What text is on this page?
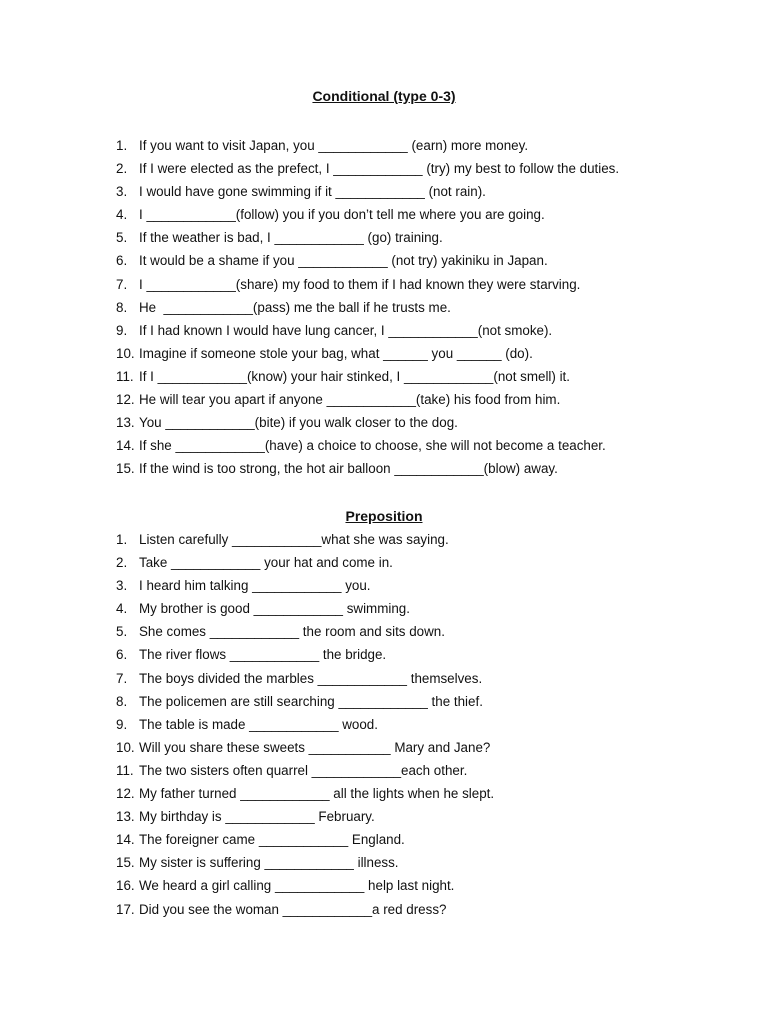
Conditional (type 0-3)
1. If you want to visit Japan, you ____________ (earn) more money.
2. If I were elected as the prefect, I ____________ (try) my best to follow the duties.
3. I would have gone swimming if it ____________ (not rain).
4. I ____________(follow) you if you don’t tell me where you are going.
5. If the weather is bad, I ____________ (go) training.
6. It would be a shame if you ____________ (not try) yakiniku in Japan.
7. I ____________(share) my food to them if I had known they were starving.
8. He  ____________(pass) me the ball if he trusts me.
9. If I had known I would have lung cancer, I ____________(not smoke).
10. Imagine if someone stole your bag, what ______ you ______ (do).
11. If I ____________(know) your hair stinked, I ____________(not smell) it.
12. He will tear you apart if anyone ____________(take) his food from him.
13. You ____________(bite) if you walk closer to the dog.
14. If she ____________(have) a choice to choose, she will not become a teacher.
15. If the wind is too strong, the hot air balloon ____________(blow) away.
Preposition
1. Listen carefully ____________what she was saying.
2. Take ____________ your hat and come in.
3. I heard him talking ____________ you.
4. My brother is good ____________ swimming.
5. She comes ____________ the room and sits down.
6. The river flows ____________ the bridge.
7. The boys divided the marbles ____________ themselves.
8. The policemen are still searching ____________ the thief.
9. The table is made ____________ wood.
10. Will you share these sweets ___________ Mary and Jane?
11. The two sisters often quarrel ____________each other.
12. My father turned ____________ all the lights when he slept.
13. My birthday is ____________ February.
14. The foreigner came ____________ England.
15. My sister is suffering ____________ illness.
16. We heard a girl calling ____________ help last night.
17. Did you see the woman ____________a red dress?
